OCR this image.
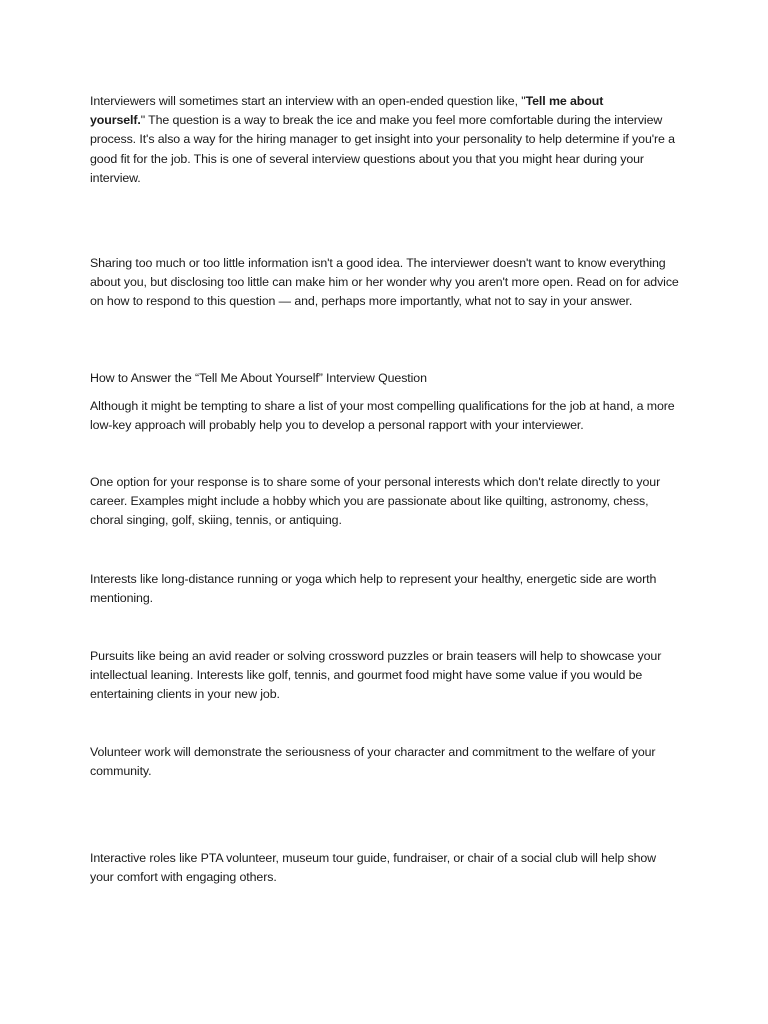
Interviewers will sometimes start an interview with an open-ended question like, "Tell me about
yourself." The question is a way to break the ice and make you feel more comfortable during the interview process. It's also a way for the hiring manager to get insight into your personality to help determine if you're a good fit for the job. This is one of several interview questions about you that you might hear during your interview.

Sharing too much or too little information isn't a good idea. The interviewer doesn't want to know everything about you, but disclosing too little can make him or her wonder why you aren't more open. Read on for advice on how to respond to this question — and, perhaps more importantly, what not to say in your answer.

How to Answer the “Tell Me About Yourself” Interview Question

Although it might be tempting to share a list of your most compelling qualifications for the job at hand, a more low-key approach will probably help you to develop a personal rapport with your interviewer.

One option for your response is to share some of your personal interests which don't relate directly to your career. Examples might include a hobby which you are passionate about like quilting, astronomy, chess, choral singing, golf, skiing, tennis, or antiquing.

Interests like long-distance running or yoga which help to represent your healthy, energetic side are worth mentioning.

Pursuits like being an avid reader or solving crossword puzzles or brain teasers will help to showcase your intellectual leaning. Interests like golf, tennis, and gourmet food might have some value if you would be entertaining clients in your new job.

Volunteer work will demonstrate the seriousness of your character and commitment to the welfare of your community.

Interactive roles like PTA volunteer, museum tour guide, fundraiser, or chair of a social club will help show your comfort with engaging others.
